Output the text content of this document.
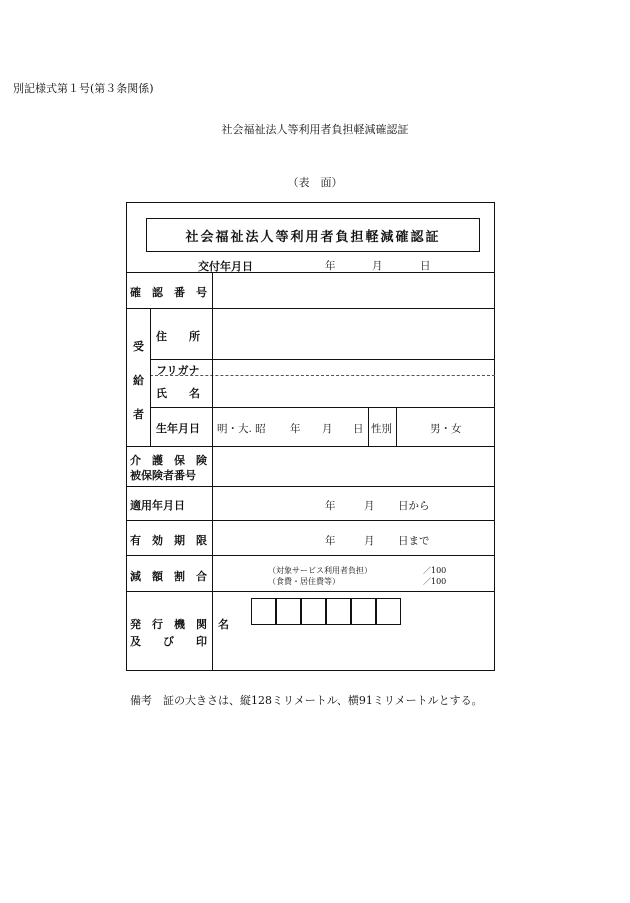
別記様式第１号(第３条関係)
社会福祉法人等利用者負担軽減確認証
（表　面）
社会福祉法人等利用者負担軽減確認証
交付年月日	年	月	日
確　認　番　号
受
給
者
住　　所
フリガナ
氏　　名
生年月日 明・大. 昭 年 月 日 性別	男・女
介　護　保　険
被保険者番号
適用年月日	年	月 日から
有　効　期　限	年	月 日まで
減　額　割　合	（対象サービス利用者負担）	／100
（食費・居住費等）	／100
発　行　機　関　名
及　　び　　印
備考　証の大きさは、縦128ミリメートル、横91ミリメートルとする。
